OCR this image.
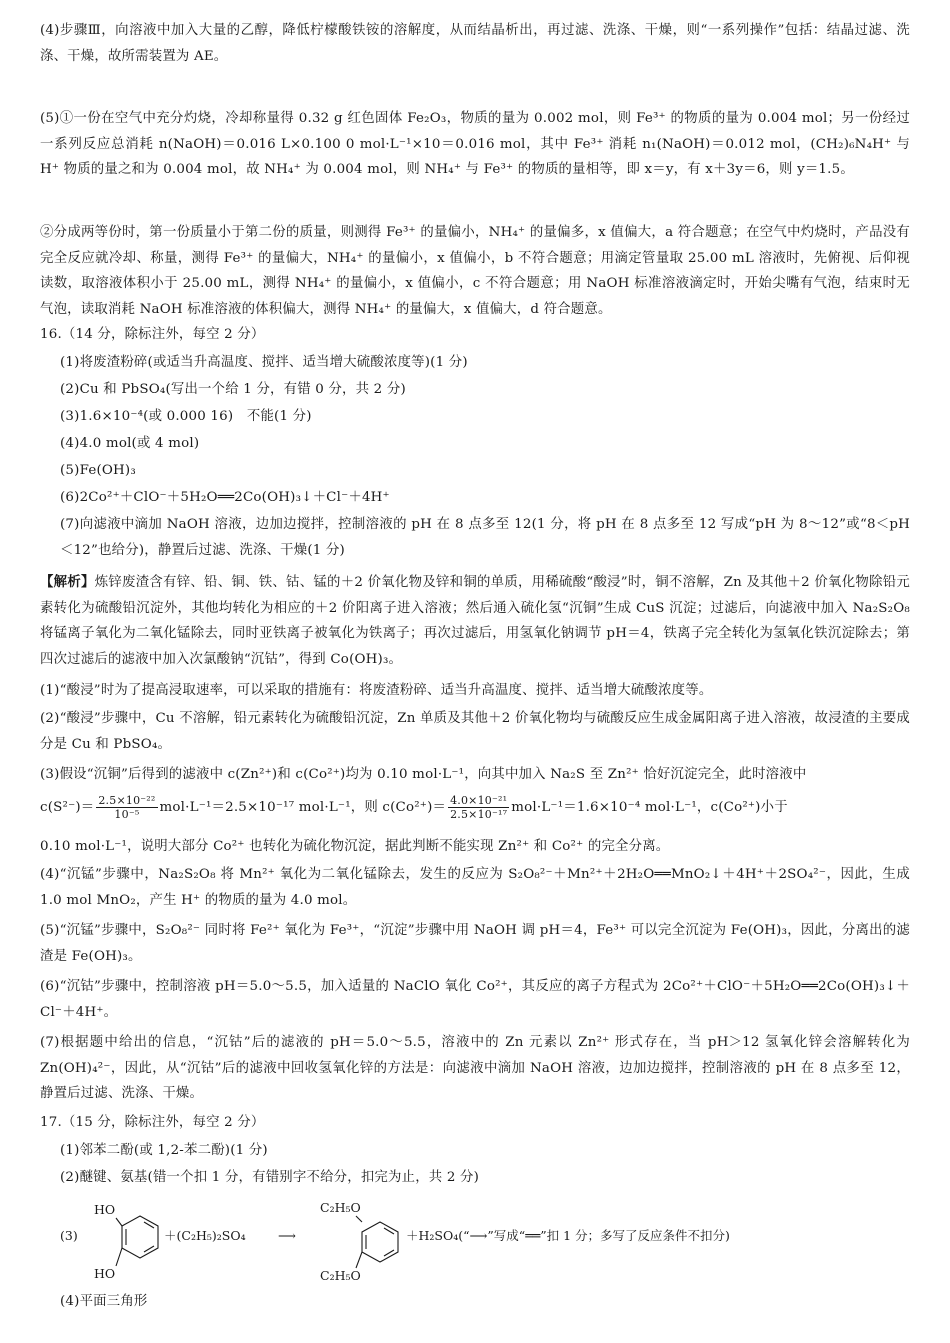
(4)步骤Ⅲ，向溶液中加入大量的乙醇，降低柠檬酸铁铵的溶解度，从而结晶析出，再过滤、洗涤、干燥，则“一系列操作”包括：结晶过滤、洗涤、干燥，故所需装置为 AE。

(5)①一份在空气中充分灼烧，冷却称量得 0.32 g 红色固体 Fe₂O₃，物质的量为 0.002 mol，则 Fe³⁺ 的物质的量为 0.004 mol；另一份经过一系列反应总消耗 n(NaOH)＝0.016 L×0.100 0 mol·L⁻¹×10＝0.016 mol，其中 Fe³⁺ 消耗 n₁(NaOH)＝0.012 mol，(CH₂)₆N₄H⁺ 与 H⁺ 物质的量之和为 0.004 mol，故 NH₄⁺ 为 0.004 mol，则 NH₄⁺ 与 Fe³⁺ 的物质的量相等，即 x＝y，有 x＋3y＝6，则 y＝1.5。

②分成两等份时，第一份质量小于第二份的质量，则测得 Fe³⁺ 的量偏小，NH₄⁺ 的量偏多，x 值偏大，a 符合题意；在空气中灼烧时，产品没有完全反应就冷却、称量，测得 Fe³⁺ 的量偏大，NH₄⁺ 的量偏小，x 值偏小，b 不符合题意；用滴定管量取 25.00 mL 溶液时，先俯视、后仰视读数，取溶液体积小于 25.00 mL，测得 NH₄⁺ 的量偏小，x 值偏小，c 不符合题意；用 NaOH 标准溶液滴定时，开始尖嘴有气泡，结束时无气泡，读取消耗 NaOH 标准溶液的体积偏大，测得 NH₄⁺ 的量偏大，x 值偏大，d 符合题意。

16.（14 分，除标注外，每空 2 分）

(1)将废渣粉碎(或适当升高温度、搅拌、适当增大硫酸浓度等)(1 分)

(2)Cu 和 PbSO₄(写出一个给 1 分，有错 0 分，共 2 分)

(3)1.6×10⁻⁴(或 0.000 16)　不能(1 分)

(4)4.0 mol(或 4 mol)

(5)Fe(OH)₃

(6)2Co²⁺＋ClO⁻＋5H₂O══2Co(OH)₃↓＋Cl⁻＋4H⁺

(7)向滤液中滴加 NaOH 溶液，边加边搅拌，控制溶液的 pH 在 8 点多至 12(1 分，将 pH 在 8 点多至 12 写成“pH 为 8～12”或“8＜pH＜12”也给分)，静置后过滤、洗涤、干燥(1 分)

【解析】炼锌废渣含有锌、铅、铜、铁、钴、锰的＋2 价氧化物及锌和铜的单质，用稀硫酸“酸浸”时，铜不溶解，Zn 及其他＋2 价氧化物除铅元素转化为硫酸铅沉淀外，其他均转化为相应的＋2 价阳离子进入溶液；然后通入硫化氢“沉铜”生成 CuS 沉淀；过滤后，向滤液中加入 Na₂S₂O₈ 将锰离子氧化为二氧化锰除去，同时亚铁离子被氧化为铁离子；再次过滤后，用氢氧化钠调节 pH＝4，铁离子完全转化为氢氧化铁沉淀除去；第四次过滤后的滤液中加入次氯酸钠“沉钴”，得到 Co(OH)₃。

(1)“酸浸”时为了提高浸取速率，可以采取的措施有：将废渣粉碎、适当升高温度、搅拌、适当增大硫酸浓度等。

(2)“酸浸”步骤中，Cu 不溶解，铅元素转化为硫酸铅沉淀，Zn 单质及其他＋2 价氧化物均与硫酸反应生成金属阳离子进入溶液，故浸渣的主要成分是 Cu 和 PbSO₄。

(3)假设“沉铜”后得到的滤液中 c(Zn²⁺)和 c(Co²⁺)均为 0.10 mol·L⁻¹，向其中加入 Na₂S 至 Zn²⁺ 恰好沉淀完全，此时溶液中

$c(S^{2-})= \frac{\text{2.5×10⁻²²}}{\text{10⁻⁵}} mol\cdot L^{-1}=2.5\times 10^{-17}$ mol·L⁻¹，则 $c(Co^{2+})= \frac{\text{4.0×10⁻²¹}}{\text{2.5×10⁻¹⁷}} mol\cdot L^{-1}=1.6\times 10^{-4}$ mol·L⁻¹，c(Co²⁺)小于

0.10 mol·L⁻¹，说明大部分 Co²⁺ 也转化为硫化物沉淀，据此判断不能实现 Zn²⁺ 和 Co²⁺ 的完全分离。

(4)“沉锰”步骤中，Na₂S₂O₈ 将 Mn²⁺ 氧化为二氧化锰除去，发生的反应为 S₂O₈²⁻＋Mn²⁺＋2H₂O══MnO₂↓＋4H⁺＋2SO₄²⁻，因此，生成 1.0 mol MnO₂，产生 H⁺ 的物质的量为 4.0 mol。

(5)“沉锰”步骤中，S₂O₈²⁻ 同时将 Fe²⁺ 氧化为 Fe³⁺，“沉淀”步骤中用 NaOH 调 pH＝4，Fe³⁺ 可以完全沉淀为 Fe(OH)₃，因此，分离出的滤渣是 Fe(OH)₃。

(6)“沉钴”步骤中，控制溶液 pH＝5.0～5.5，加入适量的 NaClO 氧化 Co²⁺，其反应的离子方程式为 2Co²⁺＋ClO⁻＋5H₂O══2Co(OH)₃↓＋Cl⁻＋4H⁺。

(7)根据题中给出的信息，“沉钴”后的滤液的 pH＝5.0～5.5，溶液中的 Zn 元素以 Zn²⁺ 形式存在，当 pH＞12 氢氧化锌会溶解转化为 Zn(OH)₄²⁻，因此，从“沉钴”后的滤液中回收氢氧化锌的方法是：向滤液中滴加 NaOH 溶液，边加边搅拌，控制溶液的 pH 在 8 点多至 12，静置后过滤、洗涤、干燥。

17.（15 分，除标注外，每空 2 分）

(1)邻苯二酚(或 1,2-苯二酚)(1 分)

(2)醚键、氨基(错一个扣 1 分，有错别字不给分，扣完为止，共 2 分)

(3)
HO
HO
＋(C₂H₅)₂SO₄	⟶
C₂H₅O
C₂H₅O
＋H₂SO₄(“⟶”写成“══”扣 1 分；多写了反应条件不扣分)

(4)平面三角形
